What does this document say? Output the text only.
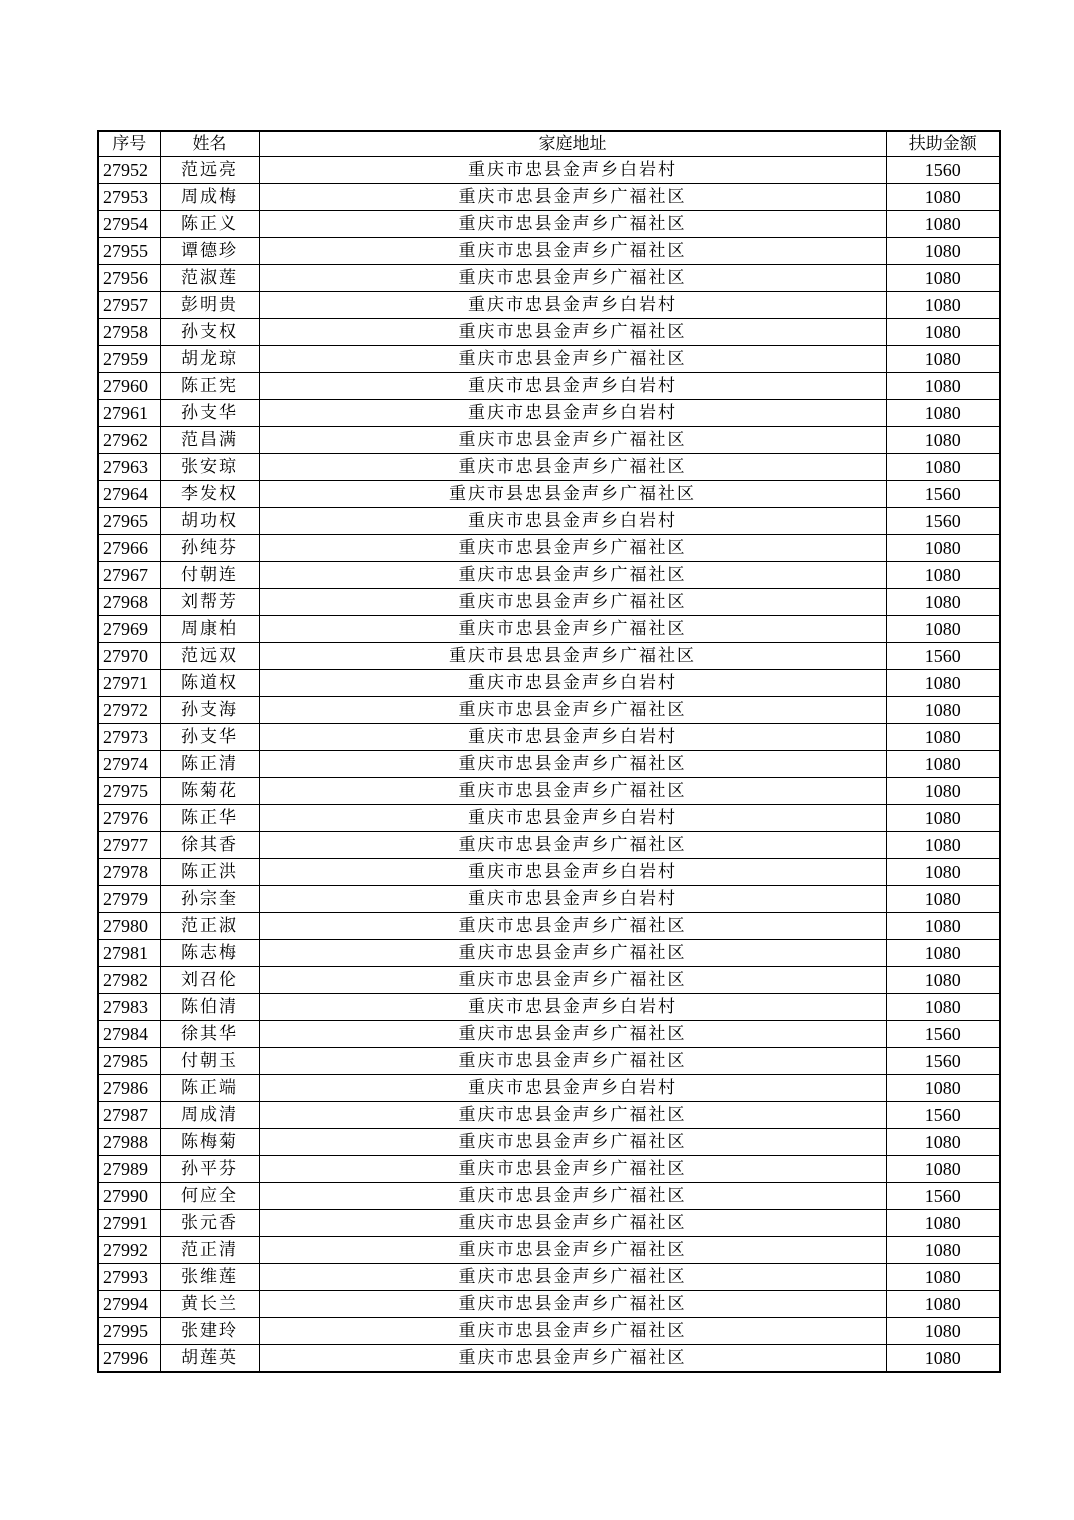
序号	姓名	家庭地址	扶助金额
27952	范远亮	重庆市忠县金声乡白岩村	1560
27953	周成梅	重庆市忠县金声乡广福社区	1080
27954	陈正义	重庆市忠县金声乡广福社区	1080
27955	谭德珍	重庆市忠县金声乡广福社区	1080
27956	范淑莲	重庆市忠县金声乡广福社区	1080
27957	彭明贵	重庆市忠县金声乡白岩村	1080
27958	孙支权	重庆市忠县金声乡广福社区	1080
27959	胡龙琼	重庆市忠县金声乡广福社区	1080
27960	陈正宪	重庆市忠县金声乡白岩村	1080
27961	孙支华	重庆市忠县金声乡白岩村	1080
27962	范昌满	重庆市忠县金声乡广福社区	1080
27963	张安琼	重庆市忠县金声乡广福社区	1080
27964	李发权	重庆市县忠县金声乡广福社区	1560
27965	胡功权	重庆市忠县金声乡白岩村	1560
27966	孙纯芬	重庆市忠县金声乡广福社区	1080
27967	付朝连	重庆市忠县金声乡广福社区	1080
27968	刘帮芳	重庆市忠县金声乡广福社区	1080
27969	周康柏	重庆市忠县金声乡广福社区	1080
27970	范远双	重庆市县忠县金声乡广福社区	1560
27971	陈道权	重庆市忠县金声乡白岩村	1080
27972	孙支海	重庆市忠县金声乡广福社区	1080
27973	孙支华	重庆市忠县金声乡白岩村	1080
27974	陈正清	重庆市忠县金声乡广福社区	1080
27975	陈菊花	重庆市忠县金声乡广福社区	1080
27976	陈正华	重庆市忠县金声乡白岩村	1080
27977	徐其香	重庆市忠县金声乡广福社区	1080
27978	陈正洪	重庆市忠县金声乡白岩村	1080
27979	孙宗奎	重庆市忠县金声乡白岩村	1080
27980	范正淑	重庆市忠县金声乡广福社区	1080
27981	陈志梅	重庆市忠县金声乡广福社区	1080
27982	刘召伦	重庆市忠县金声乡广福社区	1080
27983	陈伯清	重庆市忠县金声乡白岩村	1080
27984	徐其华	重庆市忠县金声乡广福社区	1560
27985	付朝玉	重庆市忠县金声乡广福社区	1560
27986	陈正端	重庆市忠县金声乡白岩村	1080
27987	周成清	重庆市忠县金声乡广福社区	1560
27988	陈梅菊	重庆市忠县金声乡广福社区	1080
27989	孙平芬	重庆市忠县金声乡广福社区	1080
27990	何应全	重庆市忠县金声乡广福社区	1560
27991	张元香	重庆市忠县金声乡广福社区	1080
27992	范正清	重庆市忠县金声乡广福社区	1080
27993	张维莲	重庆市忠县金声乡广福社区	1080
27994	黄长兰	重庆市忠县金声乡广福社区	1080
27995	张建玲	重庆市忠县金声乡广福社区	1080
27996	胡莲英	重庆市忠县金声乡广福社区	1080
